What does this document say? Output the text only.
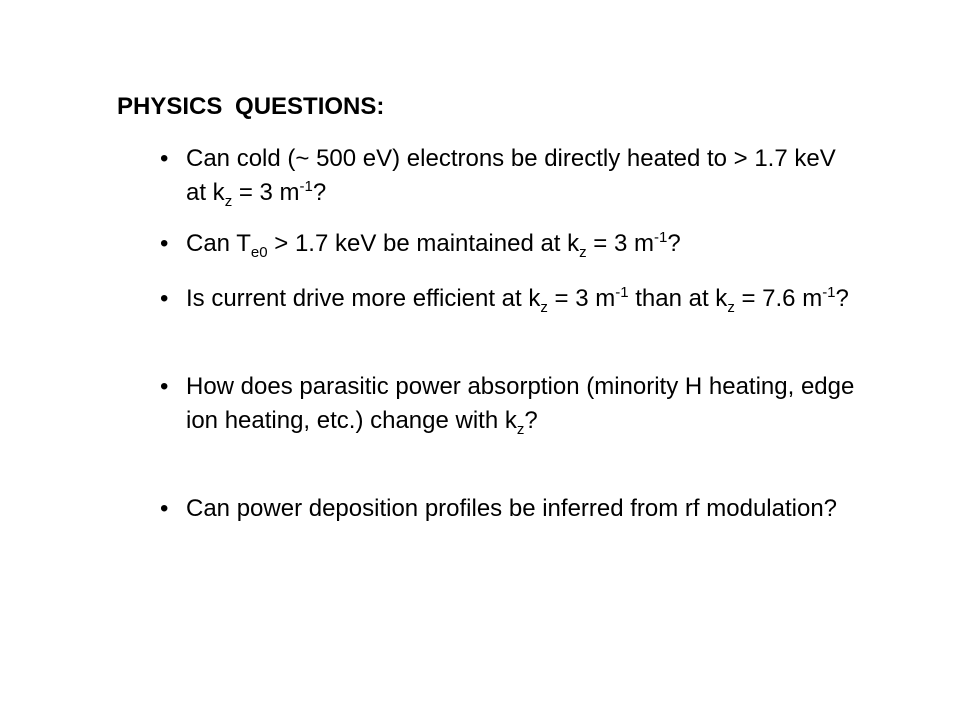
PHYSICS QUESTIONS:
• Can cold (~ 500 eV) electrons be directly heated to > 1.7 keV at $k_z = 3$ $m^{-1}$?
• Can $T_{e0} > 1.7$ keV be maintained at $k_z = 3$ $m^{-1}$?
• Is current drive more efficient at $k_z = 3$ $m^{-1}$ than at $k_z = 7.6$ $m^{-1}$?
• How does parasitic power absorption (minority H heating, edge ion heating, etc.) change with $k_z$?
• Can power deposition profiles be inferred from rf modulation?
